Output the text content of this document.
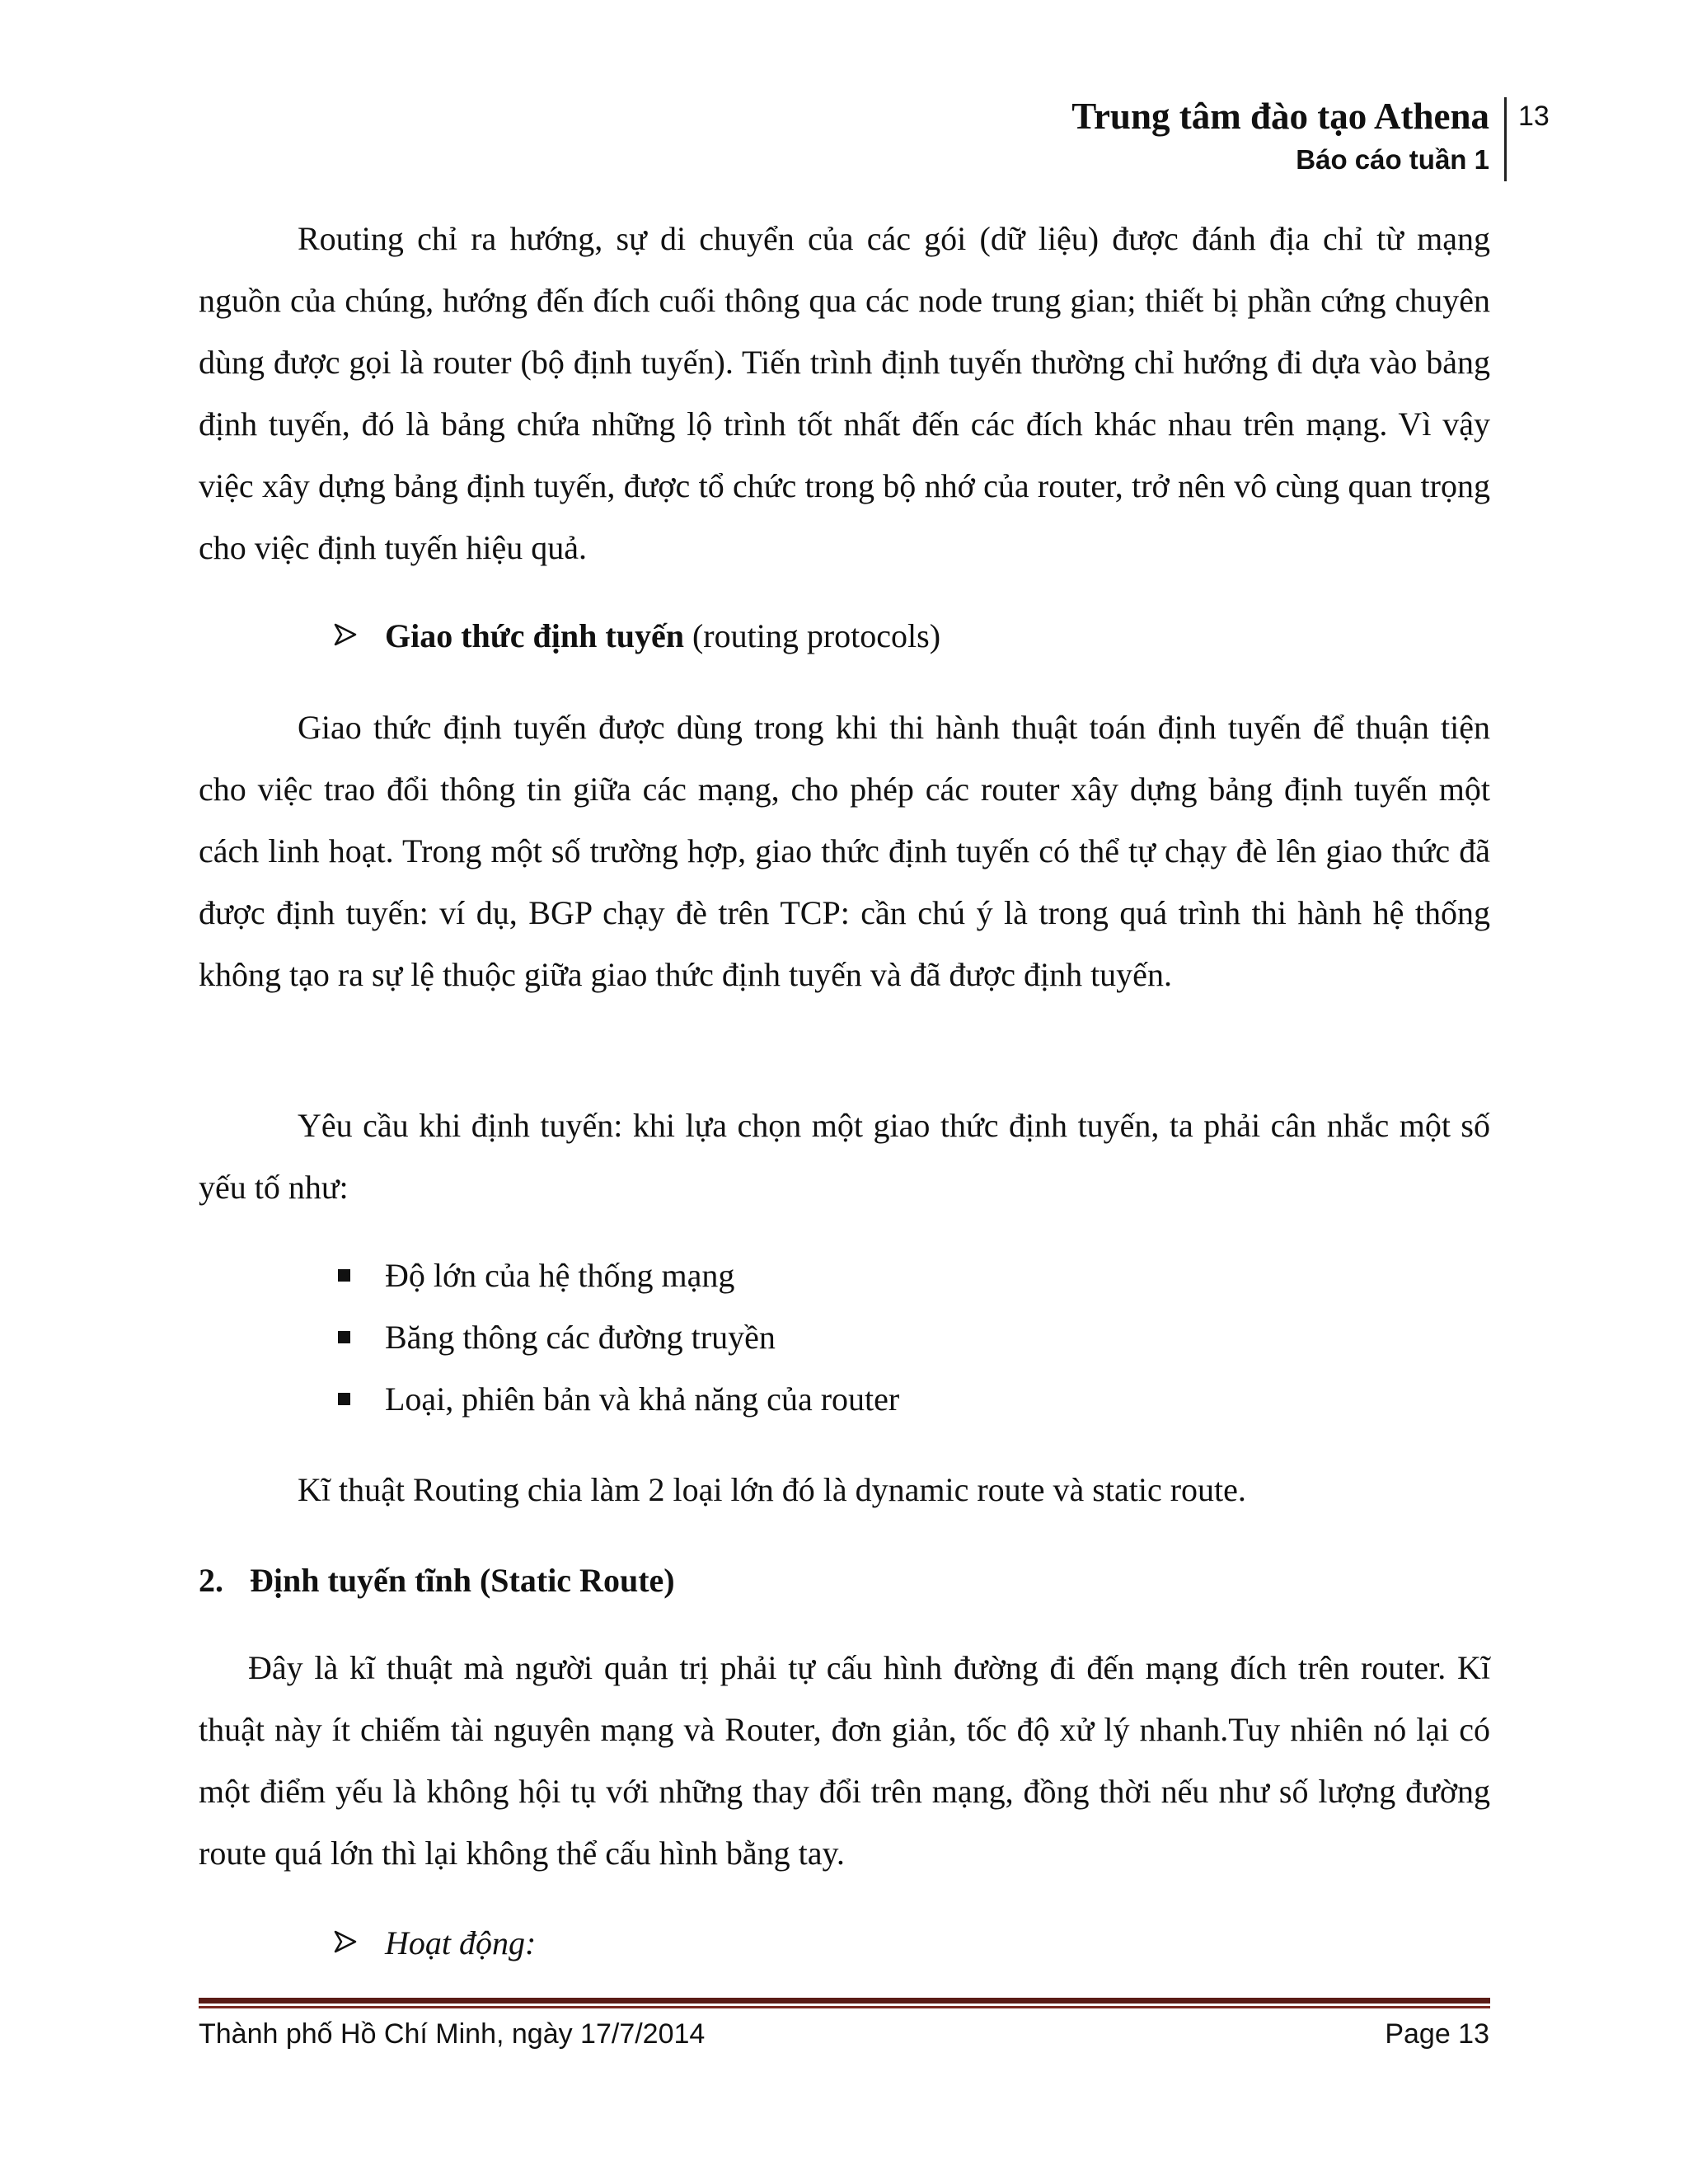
Trung tâm đào tạo Athena
Báo cáo tuần 1
13

Routing chỉ ra hướng, sự di chuyển của các gói (dữ liệu) được đánh địa chỉ từ mạng nguồn của chúng, hướng đến đích cuối thông qua các node trung gian; thiết bị phần cứng chuyên dùng được gọi là router (bộ định tuyến). Tiến trình định tuyến thường chỉ hướng đi dựa vào bảng định tuyến, đó là bảng chứa những lộ trình tốt nhất đến các đích khác nhau trên mạng. Vì vậy việc xây dựng bảng định tuyến, được tổ chức trong bộ nhớ của router, trở nên vô cùng quan trọng cho việc định tuyến hiệu quả.

Giao thức định tuyến (routing protocols)

Giao thức định tuyến được dùng trong khi thi hành thuật toán định tuyến để thuận tiện cho việc trao đổi thông tin giữa các mạng, cho phép các router xây dựng bảng định tuyến một cách linh hoạt. Trong một số trường hợp, giao thức định tuyến có thể tự chạy đè lên giao thức đã được định tuyến: ví dụ, BGP chạy đè trên TCP: cần chú ý là trong quá trình thi hành hệ thống không tạo ra sự lệ thuộc giữa giao thức định tuyến và đã được định tuyến.

Yêu cầu khi định tuyến: khi lựa chọn một giao thức định tuyến, ta phải cân nhắc một số yếu tố như:

Độ lớn của hệ thống mạng
Băng thông các đường truyền
Loại, phiên bản và khả năng của router

Kĩ thuật Routing chia làm 2 loại lớn đó là dynamic route và static route.

2. Định tuyến tĩnh (Static Route)

Đây là kĩ thuật mà người quản trị phải tự cấu hình đường đi đến mạng đích trên router. Kĩ thuật này ít chiếm tài nguyên mạng và Router, đơn giản, tốc độ xử lý nhanh.Tuy nhiên nó lại có một điểm yếu là không hội tụ với những thay đổi trên mạng, đồng thời nếu như số lượng đường route quá lớn thì lại không thể cấu hình bằng tay.

Hoạt động:
Thành phố Hồ Chí Minh, ngày 17/7/2014	Page 13
